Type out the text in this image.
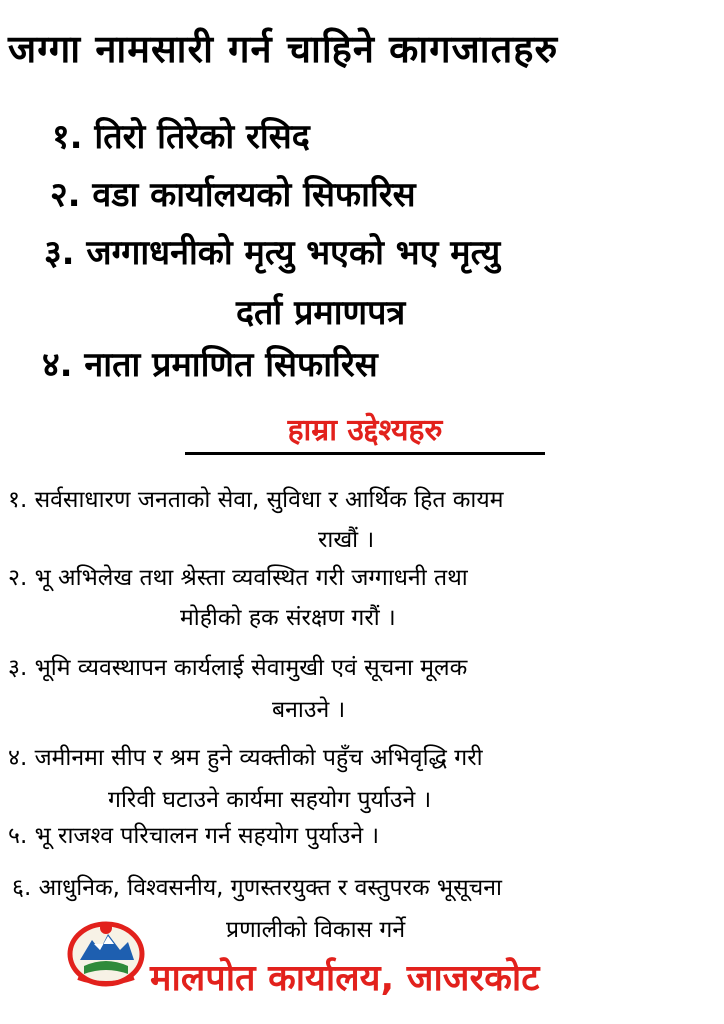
जग्गा नामसारी गर्न चाहिने कागजातहरु
१. तिरो तिरेको रसिद
२. वडा कार्यालयको सिफारिस
३. जग्गाधनीको मृत्यु भएको भए मृत्यु
दर्ता प्रमाणपत्र
४. नाता प्रमाणित सिफारिस
हाम्रा उद्देश्यहरु
१. सर्वसाधारण जनताको सेवा, सुविधा र आर्थिक हित कायम
राखौं ।
२. भू अभिलेख तथा श्रेस्ता व्यवस्थित गरी जग्गाधनी तथा
मोहीको हक संरक्षण गरौं ।
३. भूमि व्यवस्थापन कार्यलाई सेवामुखी एवं सूचना मूलक
बनाउने ।
४. जमीनमा सीप र श्रम हुने व्यक्तीको पहुँच अभिवृद्धि गरी
गरिवी घटाउने कार्यमा सहयोग पुर्याउने ।
५. भू राजश्व परिचालन गर्न सहयोग पुर्याउने ।
६. आधुनिक, विश्वसनीय, गुणस्तरयुक्त र वस्तुपरक भूसूचना
प्रणालीको विकास गर्ने
मालपोत कार्यालय, जाजरकोट
